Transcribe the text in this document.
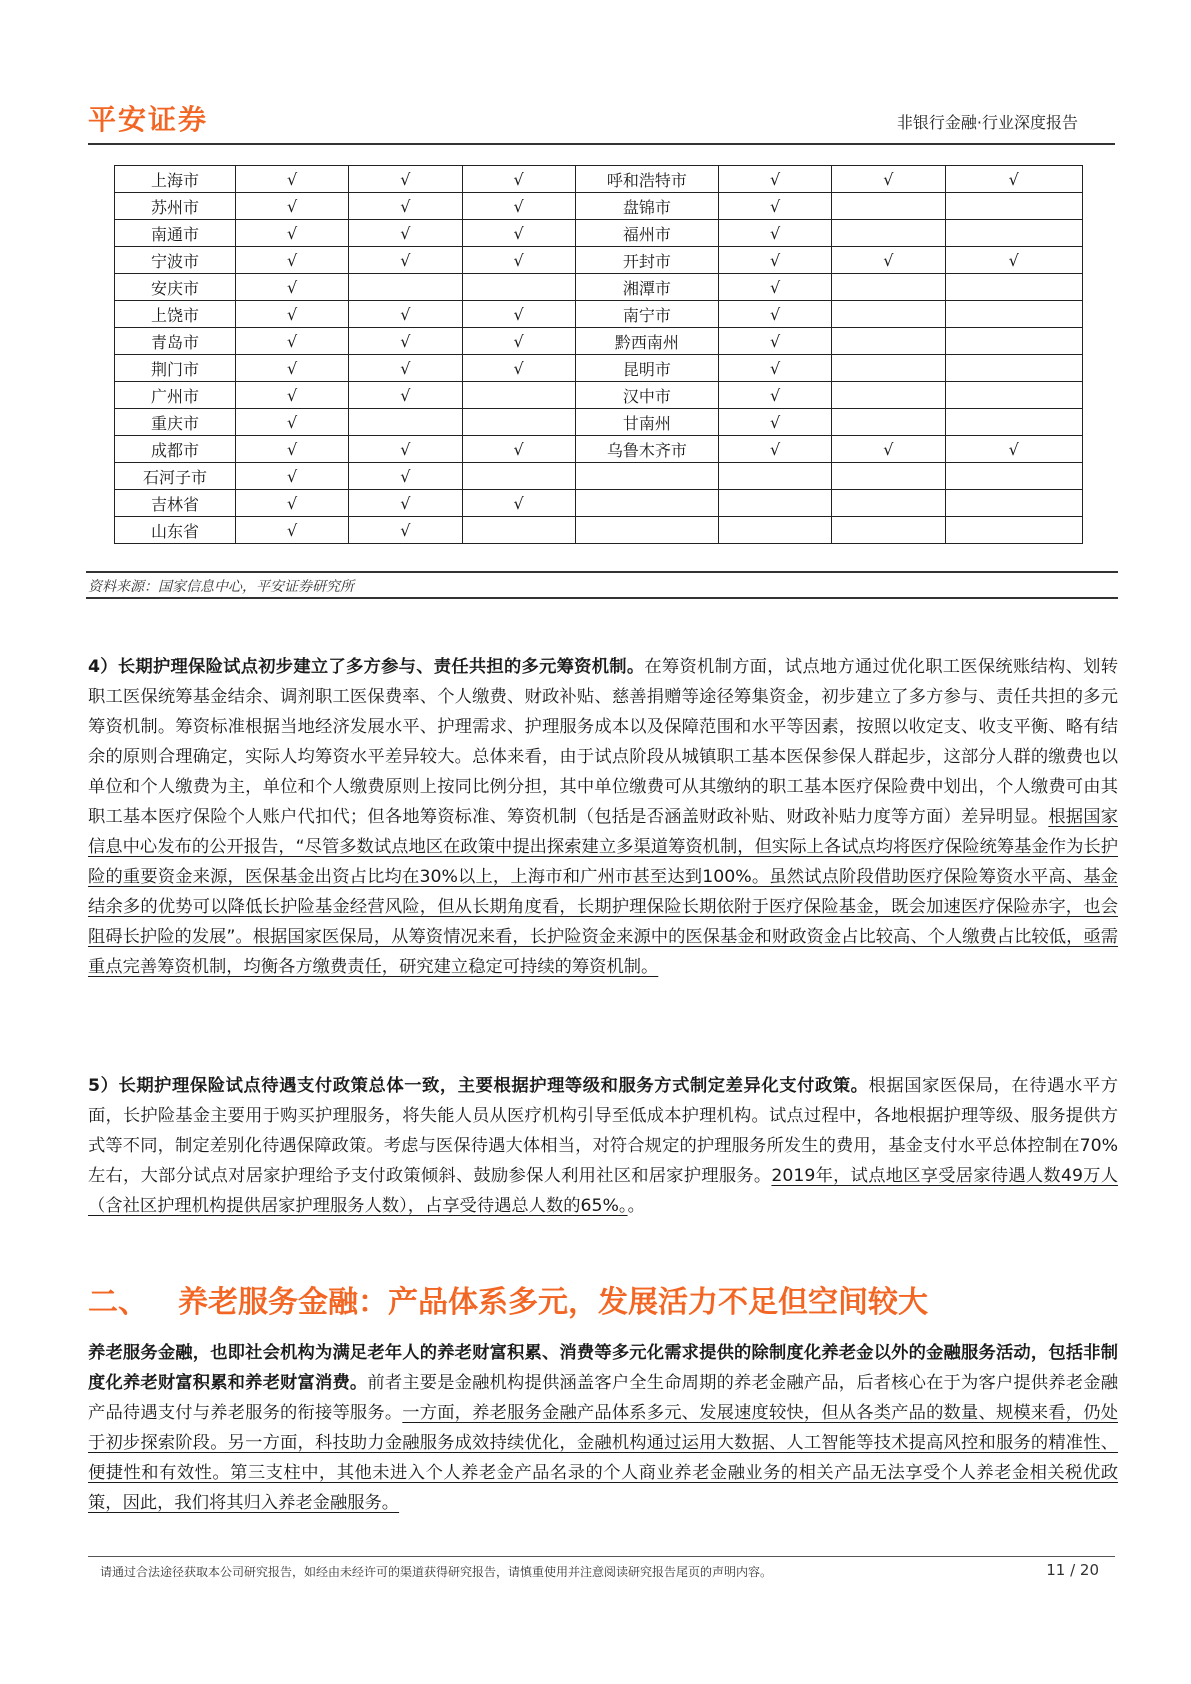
平安证券	非银行金融·行业深度报告
上海市	√	√	√	呼和浩特市	√	√	√
苏州市	√	√	√	盘锦市	√		
南通市	√	√	√	福州市	√		
宁波市	√	√	√	开封市	√	√	√
安庆市	√			湘潭市	√		
上饶市	√	√	√	南宁市	√		
青岛市	√	√	√	黔西南州	√		
荆门市	√	√	√	昆明市	√		
广州市	√	√		汉中市	√		
重庆市	√			甘南州	√		
成都市	√	√	√	乌鲁木齐市	√	√	√
石河子市	√	√					
吉林省	√	√	√				
山东省	√	√					
资料来源：国家信息中心，平安证券研究所
4）长期护理保险试点初步建立了多方参与、责任共担的多元筹资机制。在筹资机制方面，试点地方通过优化职工医保统账结构、划转职工医保统筹基金结余、调剂职工医保费率、个人缴费、财政补贴、慈善捐赠等途径筹集资金，初步建立了多方参与、责任共担的多元筹资机制。筹资标准根据当地经济发展水平、护理需求、护理服务成本以及保障范围和水平等因素，按照以收定支、收支平衡、略有结余的原则合理确定，实际人均筹资水平差异较大。总体来看，由于试点阶段从城镇职工基本医保参保人群起步，这部分人群的缴费也以单位和个人缴费为主，单位和个人缴费原则上按同比例分担，其中单位缴费可从其缴纳的职工基本医疗保险费中划出，个人缴费可由其职工基本医疗保险个人账户代扣代；但各地筹资标准、筹资机制（包括是否涵盖财政补贴、财政补贴力度等方面）差异明显。根据国家信息中心发布的公开报告，“尽管多数试点地区在政策中提出探索建立多渠道筹资机制，但实际上各试点均将医疗保险统筹基金作为长护险的重要资金来源，医保基金出资占比均在30%以上，上海市和广州市甚至达到100%。虽然试点阶段借助医疗保险筹资水平高、基金结余多的优势可以降低长护险基金经营风险，但从长期角度看，长期护理保险长期依附于医疗保险基金，既会加速医疗保险赤字，也会阻碍长护险的发展”。根据国家医保局，从筹资情况来看，长护险资金来源中的医保基金和财政资金占比较高、个人缴费占比较低，亟需重点完善筹资机制，均衡各方缴费责任，研究建立稳定可持续的筹资机制。
5）长期护理保险试点待遇支付政策总体一致，主要根据护理等级和服务方式制定差异化支付政策。根据国家医保局，在待遇水平方面，长护险基金主要用于购买护理服务，将失能人员从医疗机构引导至低成本护理机构。试点过程中，各地根据护理等级、服务提供方式等不同，制定差别化待遇保障政策。考虑与医保待遇大体相当，对符合规定的护理服务所发生的费用，基金支付水平总体控制在70%左右，大部分试点对居家护理给予支付政策倾斜、鼓励参保人利用社区和居家护理服务。2019年，试点地区享受居家待遇人数49万人（含社区护理机构提供居家护理服务人数），占享受待遇总人数的65%。。
二、 养老服务金融：产品体系多元，发展活力不足但空间较大
养老服务金融，也即社会机构为满足老年人的养老财富积累、消费等多元化需求提供的除制度化养老金以外的金融服务活动，包括非制度化养老财富积累和养老财富消费。前者主要是金融机构提供涵盖客户全生命周期的养老金融产品，后者核心在于为客户提供养老金融产品待遇支付与养老服务的衔接等服务。一方面，养老服务金融产品体系多元、发展速度较快，但从各类产品的数量、规模来看，仍处于初步探索阶段。另一方面，科技助力金融服务成效持续优化，金融机构通过运用大数据、人工智能等技术提高风控和服务的精准性、便捷性和有效性。第三支柱中，其他未进入个人养老金产品名录的个人商业养老金融业务的相关产品无法享受个人养老金相关税优政策，因此，我们将其归入养老金融服务。
请通过合法途径获取本公司研究报告，如经由未经许可的渠道获得研究报告，请慎重使用并注意阅读研究报告尾页的声明内容。	11 / 20
